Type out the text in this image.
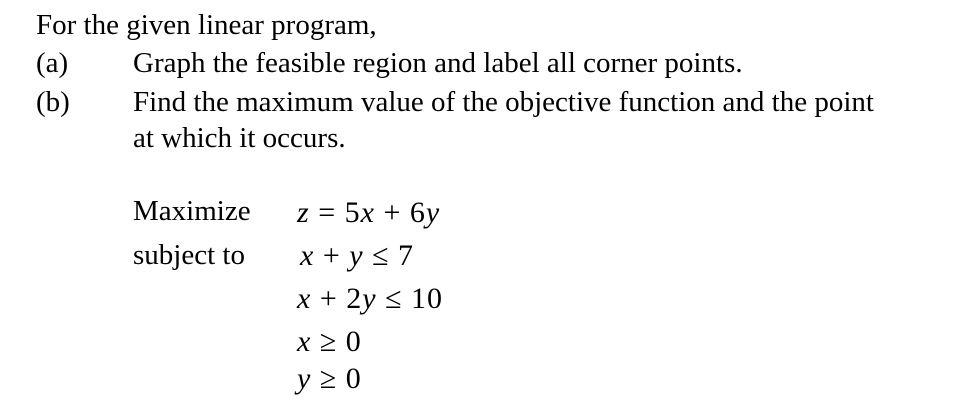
For the given linear program,
(a) Graph the feasible region and label all corner points.
(b) Find the maximum value of the objective function and the point
at which it occurs.
Maximize
subject to
z = 5x + 6y
x + y ≤ 7
x + 2y ≤ 10
x ≥ 0
y ≥ 0
